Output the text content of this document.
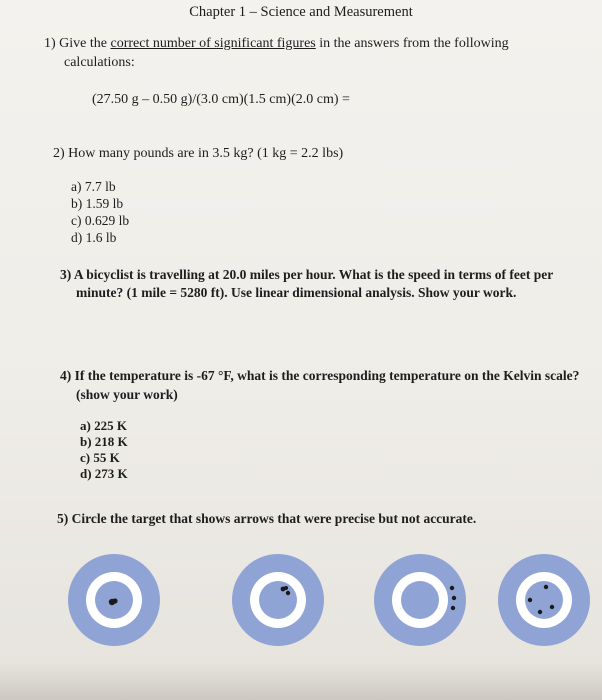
Chapter 1 – Science and Measurement
1) Give the correct number of significant figures in the answers from the following
calculations:
(27.50 g – 0.50 g)/(3.0 cm)(1.5 cm)(2.0 cm) =
2) How many pounds are in 3.5 kg? (1 kg = 2.2 lbs)
a) 7.7 lb
b) 1.59 lb
c) 0.629 lb
d) 1.6 lb
3) A bicyclist is travelling at 20.0 miles per hour. What is the speed in terms of feet per
minute? (1 mile = 5280 ft). Use linear dimensional analysis. Show your work.
4) If the temperature is -67 °F, what is the corresponding temperature on the Kelvin scale?
(show your work)
a) 225 K
b) 218 K
c) 55 K
d) 273 K
5) Circle the target that shows arrows that were precise but not accurate.
